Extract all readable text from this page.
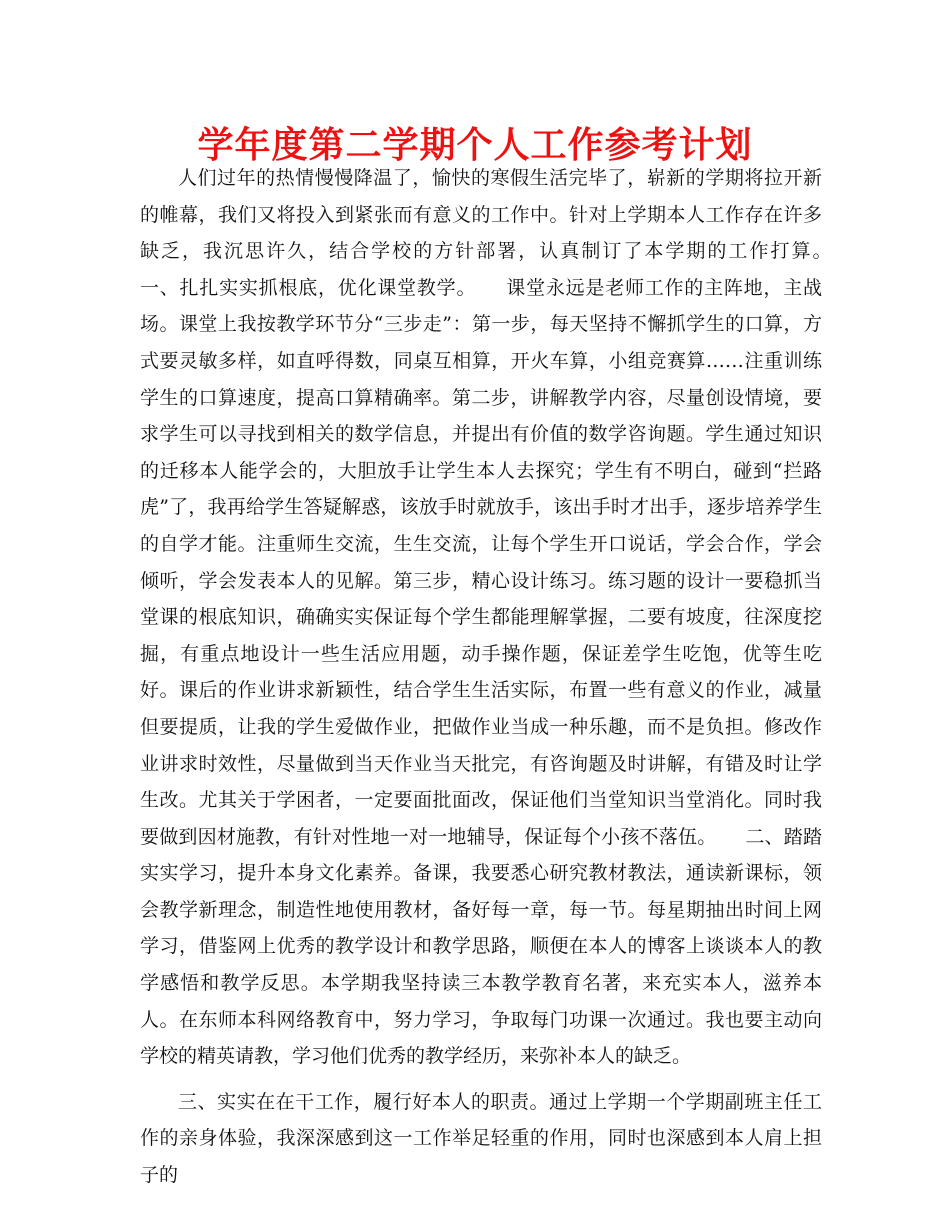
学年度第二学期个人工作参考计划

人们过年的热情慢慢降温了，愉快的寒假生活完毕了，崭新的学期将拉开新的帷幕，我们又将投入到紧张而有意义的工作中。针对上学期本人工作存在许多缺乏，我沉思许久，结合学校的方针部署，认真制订了本学期的工作打算。　　一、扎扎实实抓根底，优化课堂教学。　　课堂永远是老师工作的主阵地，主战场。课堂上我按教学环节分“三步走”：第一步，每天坚持不懈抓学生的口算，方式要灵敏多样，如直呼得数，同桌互相算，开火车算，小组竞赛算……注重训练学生的口算速度，提高口算精确率。第二步，讲解教学内容，尽量创设情境，要求学生可以寻找到相关的数学信息，并提出有价值的数学咨询题。学生通过知识的迁移本人能学会的，大胆放手让学生本人去探究；学生有不明白，碰到“拦路虎”了，我再给学生答疑解惑，该放手时就放手，该出手时才出手，逐步培养学生的自学才能。注重师生交流，生生交流，让每个学生开口说话，学会合作，学会倾听，学会发表本人的见解。第三步，精心设计练习。练习题的设计一要稳抓当堂课的根底知识，确确实实保证每个学生都能理解掌握，二要有坡度，往深度挖掘，有重点地设计一些生活应用题，动手操作题，保证差学生吃饱，优等生吃好。课后的作业讲求新颖性，结合学生生活实际，布置一些有意义的作业，减量但要提质，让我的学生爱做作业，把做作业当成一种乐趣，而不是负担。修改作业讲求时效性，尽量做到当天作业当天批完，有咨询题及时讲解，有错及时让学生改。尤其关于学困者，一定要面批面改，保证他们当堂知识当堂消化。同时我要做到因材施教，有针对性地一对一地辅导，保证每个小孩不落伍。　　二、踏踏实实学习，提升本身文化素养。备课，我要悉心研究教材教法，通读新课标，领会教学新理念，制造性地使用教材，备好每一章，每一节。每星期抽出时间上网学习，借鉴网上优秀的教学设计和教学思路，顺便在本人的博客上谈谈本人的教学感悟和教学反思。本学期我坚持读三本教学教育名著，来充实本人，滋养本人。在东师本科网络教育中，努力学习，争取每门功课一次通过。我也要主动向学校的精英请教，学习他们优秀的教学经历，来弥补本人的缺乏。

三、实实在在干工作，履行好本人的职责。通过上学期一个学期副班主任工作的亲身体验，我深深感到这一工作举足轻重的作用，同时也深感到本人肩上担子的
